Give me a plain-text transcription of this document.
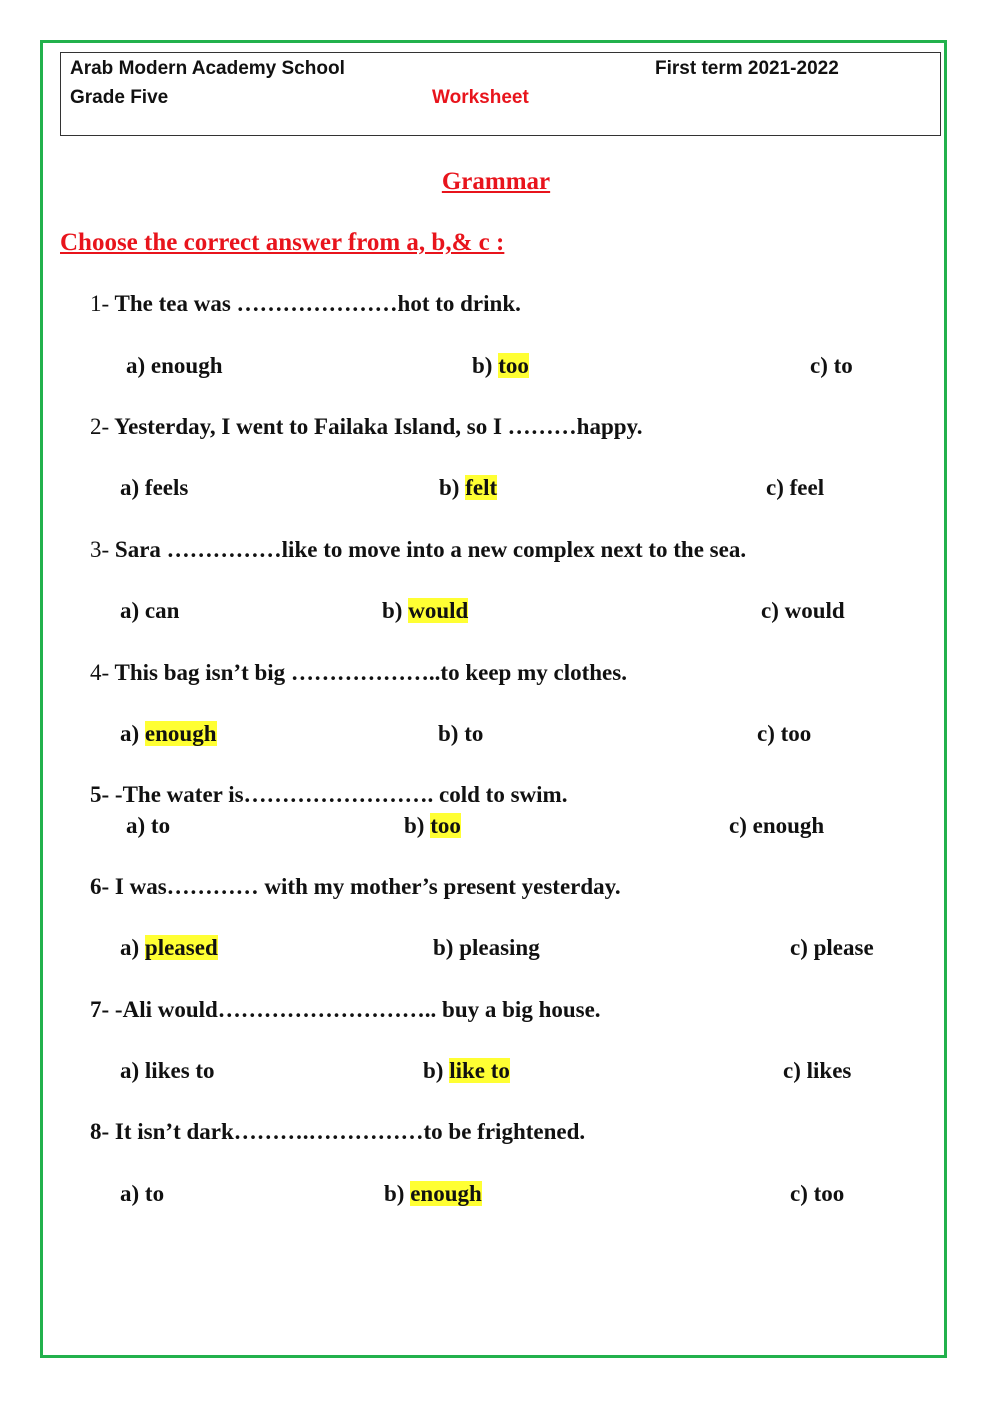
Arab Modern Academy School	First term 2021-2022
Grade Five	Worksheet
Grammar
Choose the correct answer from a, b,& c :
1- The tea was …………………hot to drink.
a) enough	b) too	c) to
2- Yesterday, I went to Failaka Island, so I ………happy.
a) feels	b) felt	c) feel
3- Sara ……………like to move into a new complex next to the sea.
a) can	b) would	c) would
4- This bag isn’t big ………………..to keep my clothes.
a) enough	b) to	c) too
5- -The water is……………………. cold to swim.
a) to	b) too	c) enough
6- I was………… with my mother’s present yesterday.
a) pleased	b) pleasing	c) please
7- -Ali would……………………….. buy a big house.
a) likes to	b) like to	c) likes
8- It isn’t dark……….……………to be frightened.
a) to	b) enough	c) too
